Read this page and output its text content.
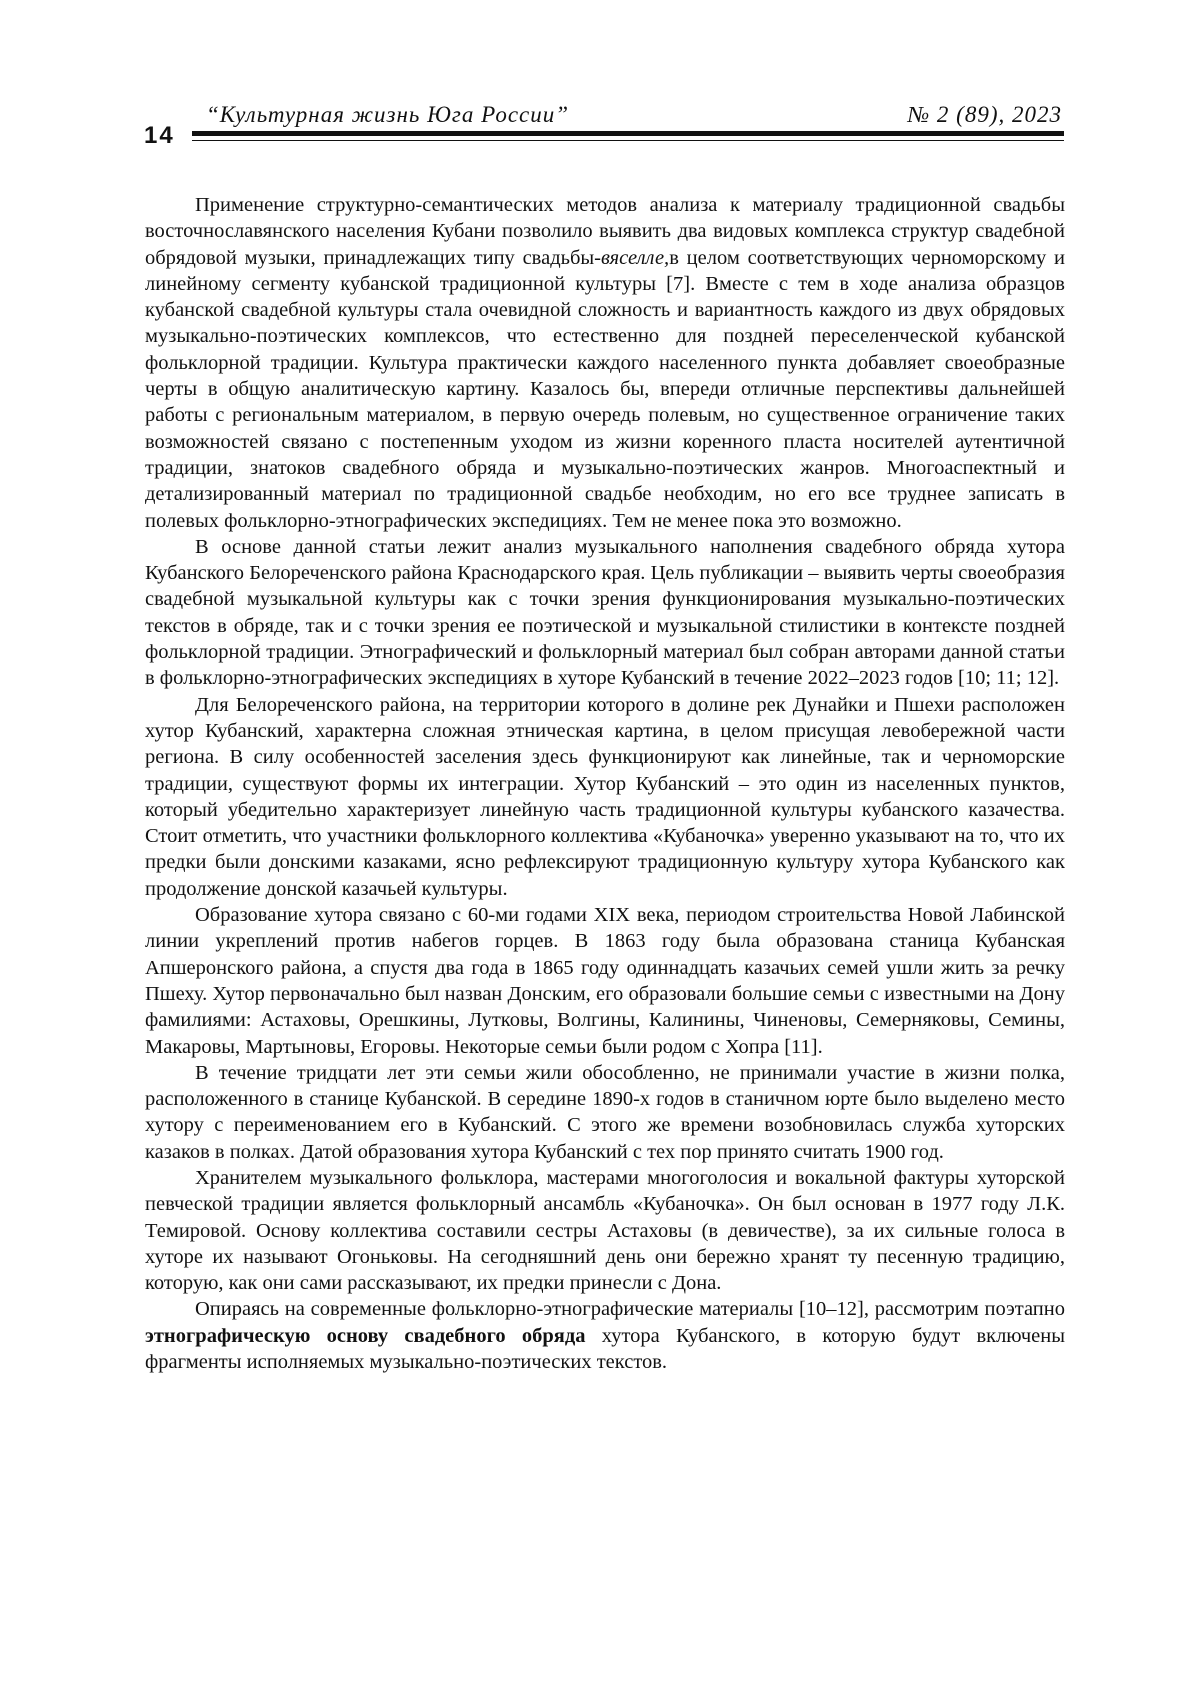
14
“Культурная жизнь Юга России”	№ 2 (89), 2023

Применение структурно-семантических методов анализа к материалу традиционной свадьбы восточнославянского населения Кубани позволило выявить два видовых комплекса структур свадебной обрядовой музыки, принадлежащих типу свадьбы-вясел­ле,в целом соответствующих черноморскому и линейному сегменту кубанской традиционной культуры [7]. Вместе с тем в ходе анализа образцов кубанской свадебной культуры стала очевидной сложность и вариантность каждого из двух обрядовых музыкально-поэтических комплексов, что естественно для поздней переселенческой кубанской фольклорной традиции. Культура практически каждого населенного пункта добавляет своеобразные черты в общую аналитическую картину. Казалось бы, впереди отличные перспективы дальнейшей работы с региональным материалом, в первую очередь полевым, но существенное ограничение таких возможностей связано с постепенным уходом из жизни коренного пласта носителей аутентичной традиции, знатоков свадебного обряда и музыкально-поэтических жанров. Многоаспектный и детализированный материал по традиционной свадьбе необходим, но его все труднее записать в полевых фольклорно-этнографических экспедициях. Тем не менее пока это возможно.

В основе данной статьи лежит анализ музыкального наполнения свадебного обряда хутора Кубанского Белореченского района Краснодарского края. Цель публикации – выявить черты своеобразия свадебной музыкальной культуры как с точки зрения функционирования музыкально-поэтических текстов в обряде, так и с точки зрения ее поэтической и музыкальной стилистики в контексте поздней фольклорной традиции. Этнографический и фольклорный материал был собран авторами данной статьи в фольклорно-этнографических экспедициях в хуторе Кубанский в течение 2022–2023 годов [10; 11; 12].

Для Белореченского района, на территории которого в долине рек Дунайки и Пшехи расположен хутор Кубанский, характерна сложная этническая картина, в целом присущая левобережной части региона. В силу особенностей заселения здесь функционируют как линейные, так и черноморские традиции, существуют формы их интеграции. Хутор Кубанский – это один из населенных пунктов, который убедительно характеризует линейную часть традиционной культуры кубанского казачества. Стоит отметить, что участники фольклорного коллектива «Кубаночка» уверенно указывают на то, что их предки были донскими казаками, ясно рефлексируют традиционную культуру хутора Кубанского как продолжение донской казачьей культуры.

Образование хутора связано с 60-ми годами XIX века, периодом строительства Новой Лабинской линии укреплений против набегов горцев. В 1863 году была образована станица Кубанская Апшеронского района, а спустя два года в 1865 году одиннадцать казачьих семей ушли жить за речку Пшеху. Хутор первоначально был назван Донским, его образовали большие семьи с известными на Дону фамилиями: Астаховы, Орешкины, Лутковы, Волгины, Калинины, Чиненовы, Семерняковы, Семины, Макаровы, Мартыновы, Егоровы. Некоторые семьи были родом с Хопра [11].

В течение тридцати лет эти семьи жили обособленно, не принимали участие в жизни полка, расположенного в станице Кубанской. В середине 1890-х годов в станичном юрте было выделено место хутору с переименованием его в Кубанский. С этого же времени возобновилась служба хуторских казаков в полках. Датой образования хутора Кубанский с тех пор принято считать 1900 год.

Хранителем музыкального фольклора, мастерами многоголосия и вокальной фактуры хуторской певческой традиции является фольклорный ансамбль «Кубаночка». Он был основан в 1977 году Л.К. Темировой. Основу коллектива составили сестры Астаховы (в девичестве), за их сильные голоса в хуторе их называют Огоньковы. На сегодняшний день они бережно хранят ту песенную традицию, которую, как они сами рассказывают, их предки принесли с Дона.

Опираясь на современные фольклорно-этнографические материалы [10–12], рассмотрим поэтапно этнографическую основу свадебного обряда хутора Кубанского, в которую будут включены фрагменты исполняемых музыкально-поэтических текстов.
